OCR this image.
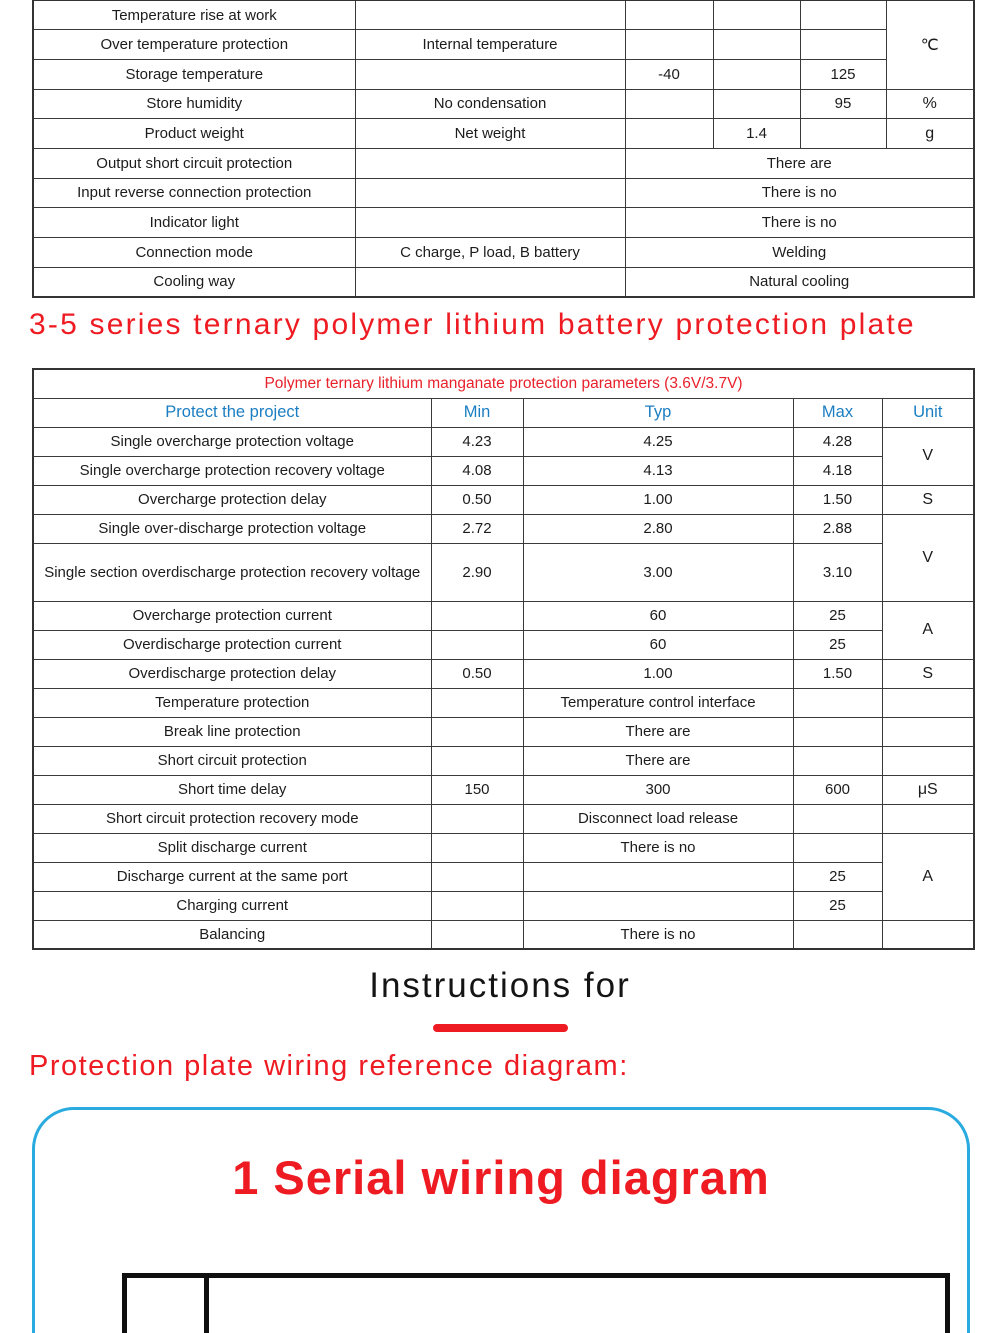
Temperature rise at work					℃
Over temperature protection	Internal temperature				
Storage temperature		-40		125	
Store humidity	No condensation			95	%
Product weight	Net weight		1.4		g
Output short circuit protection		There are			
Input reverse connection protection		There is no			
Indicator light		There is no			
Connection mode	C charge, P load, B battery	Welding			
Cooling way		Natural cooling			
3-5 series ternary polymer lithium battery protection plate
Polymer ternary lithium manganate protection parameters (3.6V/3.7V)				
Protect the project	Min	Typ	Max	Unit
Single overcharge protection voltage	4.23	4.25	4.28	V
Single overcharge protection recovery voltage	4.08	4.13	4.18	
Overcharge protection delay	0.50	1.00	1.50	S
Single over-discharge protection voltage	2.72	2.80	2.88	V
Single section overdischarge protection recovery voltage	2.90	3.00	3.10	
Overcharge protection current		60	25	A
Overdischarge protection current		60	25	
Overdischarge protection delay	0.50	1.00	1.50	S
Temperature protection		Temperature control interface		
Break line protection		There are		
Short circuit protection		There are		
Short time delay	150	300	600	μS
Short circuit protection recovery mode		Disconnect load release		
Split discharge current		There is no		A
Discharge current at the same port			25	
Charging current			25	
Balancing		There is no		
Instructions for
Protection plate wiring reference diagram:
1 Serial wiring diagram
